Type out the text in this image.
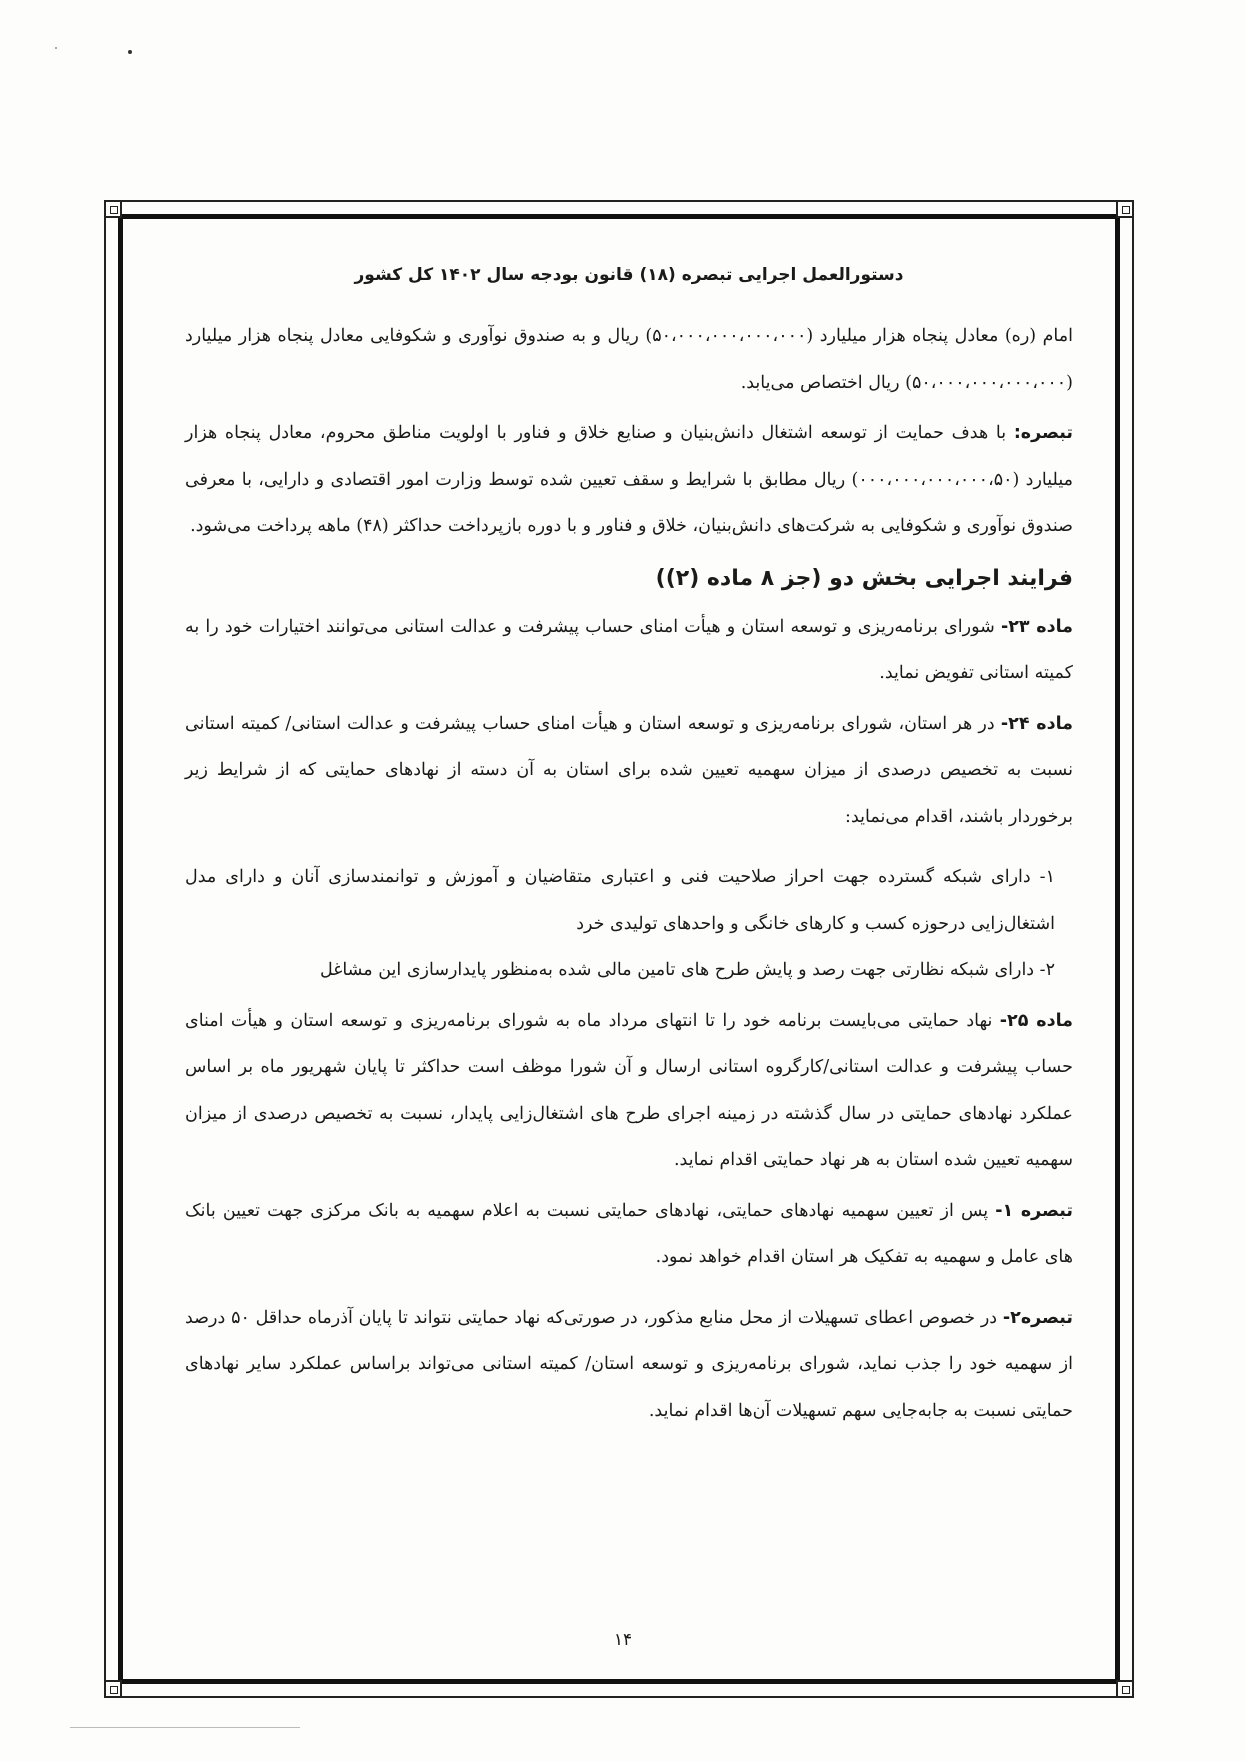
دستورالعمل اجرایی تبصره (۱۸) قانون بودجه سال ۱۴۰۲ کل کشور

امام (ره) معادل پنجاه هزار میلیارد (۵۰،۰۰۰،۰۰۰،۰۰۰،۰۰۰) ریال و به صندوق نوآوری و شکوفایی معادل پنجاه هزار میلیارد (۵۰،۰۰۰،۰۰۰،۰۰۰،۰۰۰) ریال اختصاص می‌یابد.

تبصره: با هدف حمایت از توسعه اشتغال دانش‌بنیان و صنایع خلاق و فناور با اولویت مناطق محروم، معادل پنجاه هزار میلیارد (۰۰۰،۰۰۰،۰۰۰،۰۰۰،۵۰) ریال مطابق با شرایط و سقف تعیین شده توسط وزارت امور اقتصادی و دارایی، با معرفی صندوق نوآوری و شکوفایی به شرکت‌های دانش‌بنیان، خلاق و فناور و با دوره بازپرداخت حداکثر (۴۸) ماهه پرداخت می‌شود.

فرایند اجرایی بخش دو (جز ۸ ماده (۲))

ماده ۲۳- شورای برنامه‌ریزی و توسعه استان و هیأت امنای حساب پیشرفت و عدالت استانی می‌توانند اختیارات خود را به کمیته استانی تفویض نماید.

ماده ۲۴- در هر استان، شورای برنامه‌ریزی و توسعه استان و هیأت امنای حساب پیشرفت و عدالت استانی/ کمیته استانی نسبت به تخصیص درصدی از میزان سهمیه تعیین شده برای استان به آن دسته از نهادهای حمایتی که از شرایط زیر برخوردار باشند، اقدام می‌نماید:

۱- دارای شبکه گسترده جهت احراز صلاحیت فنی و اعتباری متقاضیان و آموزش و توانمندسازی آنان و دارای مدل اشتغال‌زایی درحوزه کسب و کارهای خانگی و واحدهای تولیدی خرد

۲- دارای شبکه نظارتی جهت رصد و پایش طرح های تامین مالی شده به‌منظور پایدارسازی این مشاغل

ماده ۲۵- نهاد حمایتی می‌بایست برنامه خود را تا انتهای مرداد ماه به شورای برنامه‌ریزی و توسعه استان و هیأت امنای حساب پیشرفت و عدالت استانی/کارگروه استانی ارسال و آن شورا موظف است حداکثر تا پایان شهریور ماه بر اساس عملکرد نهادهای حمایتی در سال گذشته در زمینه اجرای طرح های اشتغال‌زایی پایدار، نسبت به تخصیص درصدی از میزان سهمیه تعیین شده استان به هر نهاد حمایتی اقدام نماید.

تبصره ۱- پس از تعیین سهمیه نهادهای حمایتی، نهادهای حمایتی نسبت به اعلام سهمیه به بانک مرکزی جهت تعیین بانک های عامل و سهمیه به تفکیک هر استان اقدام خواهد نمود.

تبصره۲- در خصوص اعطای تسهیلات از محل منابع مذکور، در صورتی‌که نهاد حمایتی نتواند تا پایان آذرماه حداقل ۵۰ درصد از سهمیه خود را جذب نماید، شورای برنامه‌ریزی و توسعه استان/ کمیته استانی می‌تواند براساس عملکرد سایر نهادهای حمایتی نسبت به جابه‌جایی سهم تسهیلات آن‌ها اقدام نماید.

۱۴
